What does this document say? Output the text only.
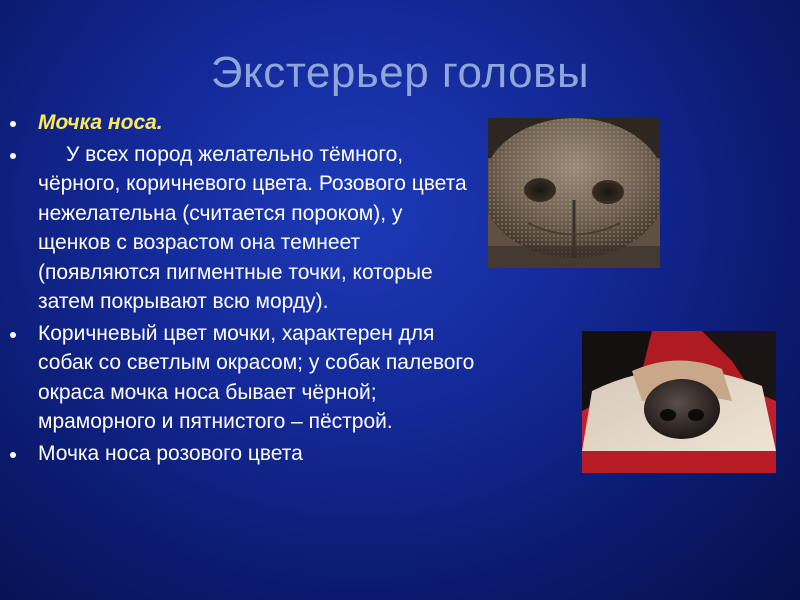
Экстерьер головы
Мочка носа.
У всех пород желательно тёмного, чёрного, коричневого цвета. Розового цвета нежелательна (считается пороком), у щенков с возрастом она темнеет (появляются пигментные точки, которые затем покрывают всю морду).
Коричневый цвет мочки, характерен для собак со светлым окрасом; у собак палевого окраса мочка носа бывает чёрной; мраморного и пятнистого – пёстрой.
Мочка носа розового цвета
